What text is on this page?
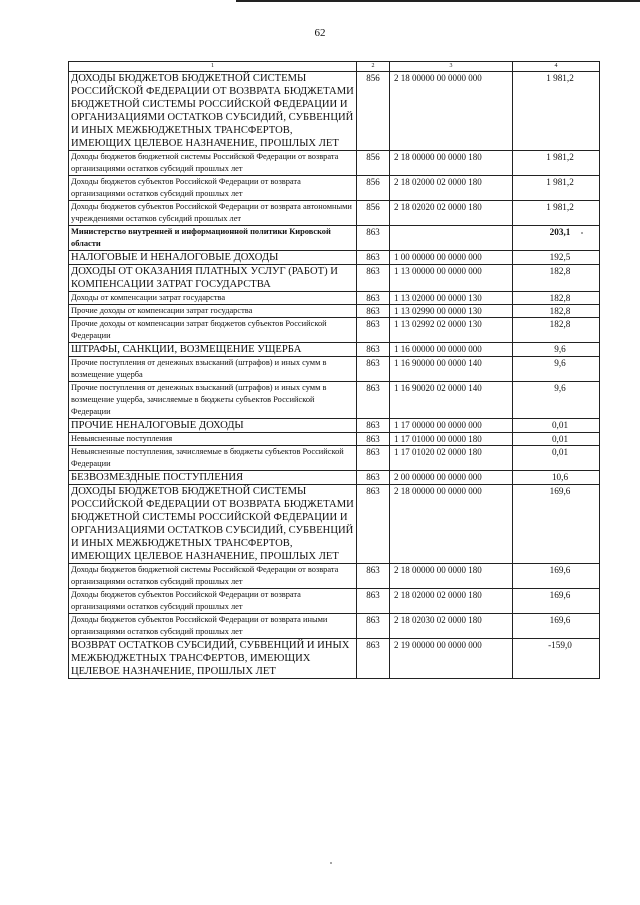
62
1	2	3	4
ДОХОДЫ БЮДЖЕТОВ БЮДЖЕТНОЙ СИСТЕМЫ РОССИЙСКОЙ ФЕДЕРАЦИИ ОТ ВОЗВРАТА БЮДЖЕТАМИ БЮДЖЕТНОЙ СИСТЕМЫ РОССИЙСКОЙ ФЕДЕРАЦИИ И ОРГАНИЗАЦИЯМИ ОСТАТКОВ СУБСИДИЙ, СУБВЕНЦИЙ И ИНЫХ МЕЖБЮДЖЕТНЫХ ТРАНСФЕРТОВ, ИМЕЮЩИХ ЦЕЛЕВОЕ НАЗНАЧЕНИЕ, ПРОШЛЫХ ЛЕТ	856	2 18 00000 00 0000 000	1 981,2
Доходы бюджетов бюджетной системы Российской Федерации от возврата организациями остатков субсидий прошлых лет	856	2 18 00000 00 0000 180	1 981,2
Доходы бюджетов субъектов Российской Федерации от возврата организациями остатков субсидий прошлых лет	856	2 18 02000 02 0000 180	1 981,2
Доходы бюджетов субъектов Российской Федерации от возврата автономными учреждениями остатков субсидий прошлых лет	856	2 18 02020 02 0000 180	1 981,2
Министерство внутренней и информационной политики Кировской области	863		203,1
НАЛОГОВЫЕ И НЕНАЛОГОВЫЕ ДОХОДЫ	863	1 00 00000 00 0000 000	192,5
ДОХОДЫ ОТ ОКАЗАНИЯ ПЛАТНЫХ УСЛУГ (РАБОТ) И КОМПЕНСАЦИИ ЗАТРАТ ГОСУДАРСТВА	863	1 13 00000 00 0000 000	182,8
Доходы от компенсации затрат государства	863	1 13 02000 00 0000 130	182,8
Прочие доходы от компенсации затрат государства	863	1 13 02990 00 0000 130	182,8
Прочие доходы от компенсации затрат бюджетов субъектов Российской Федерации	863	1 13 02992 02 0000 130	182,8
ШТРАФЫ, САНКЦИИ, ВОЗМЕЩЕНИЕ УЩЕРБА	863	1 16 00000 00 0000 000	9,6
Прочие поступления от денежных взысканий (штрафов) и иных сумм в возмещение ущерба	863	1 16 90000 00 0000 140	9,6
Прочие поступления от денежных взысканий (штрафов) и иных сумм в возмещение ущерба, зачисляемые в бюджеты субъектов Российской Федерации	863	1 16 90020 02 0000 140	9,6
ПРОЧИЕ НЕНАЛОГОВЫЕ ДОХОДЫ	863	1 17 00000 00 0000 000	0,01
Невыясненные поступления	863	1 17 01000 00 0000 180	0,01
Невыясненные поступления, зачисляемые в бюджеты субъектов Российской Федерации	863	1 17 01020 02 0000 180	0,01
БЕЗВОЗМЕЗДНЫЕ ПОСТУПЛЕНИЯ	863	2 00 00000 00 0000 000	10,6
ДОХОДЫ БЮДЖЕТОВ БЮДЖЕТНОЙ СИСТЕМЫ РОССИЙСКОЙ ФЕДЕРАЦИИ ОТ ВОЗВРАТА БЮДЖЕТАМИ БЮДЖЕТНОЙ СИСТЕМЫ РОССИЙСКОЙ ФЕДЕРАЦИИ И ОРГАНИЗАЦИЯМИ ОСТАТКОВ СУБСИДИЙ, СУБВЕНЦИЙ И ИНЫХ МЕЖБЮДЖЕТНЫХ ТРАНСФЕРТОВ, ИМЕЮЩИХ ЦЕЛЕВОЕ НАЗНАЧЕНИЕ, ПРОШЛЫХ ЛЕТ	863	2 18 00000 00 0000 000	169,6
Доходы бюджетов бюджетной системы Российской Федерации от возврата организациями остатков субсидий прошлых лет	863	2 18 00000 00 0000 180	169,6
Доходы бюджетов субъектов Российской Федерации от возврата организациями остатков субсидий прошлых лет	863	2 18 02000 02 0000 180	169,6
Доходы бюджетов субъектов Российской Федерации от возврата иными организациями остатков субсидий прошлых лет	863	2 18 02030 02 0000 180	169,6
ВОЗВРАТ ОСТАТКОВ СУБСИДИЙ, СУБВЕНЦИЙ И ИНЫХ МЕЖБЮДЖЕТНЫХ ТРАНСФЕРТОВ, ИМЕЮЩИХ ЦЕЛЕВОЕ НАЗНАЧЕНИЕ, ПРОШЛЫХ ЛЕТ	863	2 19 00000 00 0000 000	-159,0
